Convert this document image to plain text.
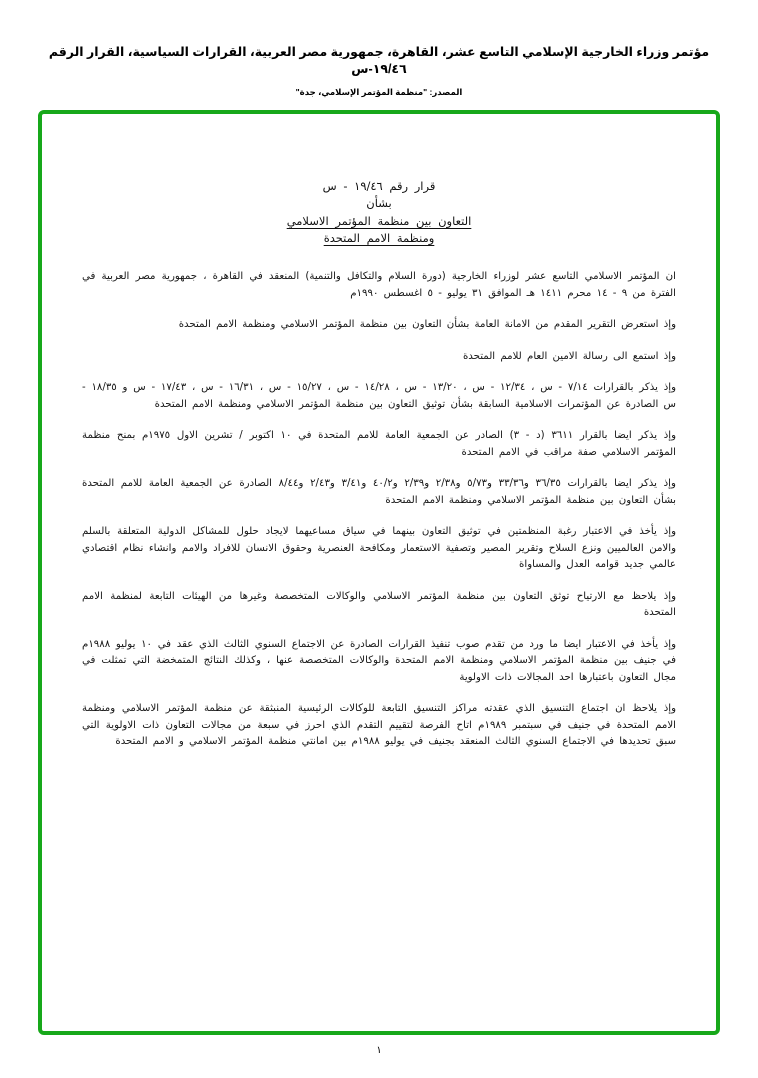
مؤتمر وزراء الخارجية الإسلامي التاسع عشر، القاهرة، جمهورية مصر العربية، القرارات السياسية، القرار الرقم ١٩/٤٦-س
المصدر: "منظمة المؤتمر الإسلامي، جدة"
قرار رقم ١٩/٤٦ - س
بشأن
التعاون بين منظمة المؤتمر الاسلامي
ومنظمة الامم المتحدة

ان المؤتمر الاسلامي التاسع عشر لوزراء الخارجية (دورة السلام والتكافل والتنمية) المنعقد في القاهرة ، جمهورية مصر العربية في الفترة من ٩ - ١٤ محرم ١٤١١ هـ الموافق ٣١ يوليو - ٥ اغسطس ١٩٩٠م

وإذ استعرض التقرير المقدم من الامانة العامة بشأن التعاون بين منظمة المؤتمر الاسلامي ومنظمة الامم المتحدة

وإذ استمع الى رسالة الامين العام للامم المتحدة

وإذ يذكر بالقرارات ٧/١٤ - س ، ١٢/٣٤ - س ، ١٣/٢٠ - س ، ١٤/٢٨ - س ، ١٥/٢٧ - س ، ١٦/٣١ - س ، ١٧/٤٣ - س و ١٨/٣٥ - س الصادرة عن المؤتمرات الاسلامية السابقة بشأن توثيق التعاون بين منظمة المؤتمر الاسلامي ومنظمة الامم المتحدة

وإذ يذكر ايضا بالقرار ٣٦١١ (د - ٣) الصادر عن الجمعية العامة للامم المتحدة في ١٠ اكتوبر / تشرين الاول ١٩٧٥م بمنح منظمة المؤتمر الاسلامي صفة مراقب في الامم المتحدة

وإذ يذكر ايضا بالقرارات ٣٦/٣٥ و٣٣/٣٦ و٥/٧٣ و٢/٣٨ و٢/٣٩ و٤٠/٢ و٣/٤١ و٢/٤٣ و٨/٤٤ الصادرة عن الجمعية العامة للامم المتحدة بشأن التعاون بين منظمة المؤتمر الاسلامي ومنظمة الامم المتحدة

وإذ يأخذ في الاعتبار رغبة المنظمتين في توثيق التعاون بينهما في سياق مساعيهما لايجاد حلول للمشاكل الدولية المتعلقة بالسلم والامن العالميين ونزع السلاح وتقرير المصير وتصفية الاستعمار ومكافحة العنصرية وحقوق الانسان للافراد والامم وانشاء نظام اقتصادي عالمي جديد قوامه العدل والمساواة

وإذ يلاحظ مع الارتياح توثق التعاون بين منظمة المؤتمر الاسلامي والوكالات المتخصصة وغيرها من الهيئات التابعة لمنظمة الامم المتحدة

وإذ يأخذ في الاعتبار ايضا ما ورد من تقدم صوب تنفيذ القرارات الصادرة عن الاجتماع السنوي الثالث الذي عقد في ١٠ يوليو ١٩٨٨م في جنيف بين منظمة المؤتمر الاسلامي ومنظمة الامم المتحدة والوكالات المتخصصة عنها ، وكذلك النتائج المتمخضة التي تمثلت في مجال التعاون باعتبارها احد المجالات ذات الاولوية

وإذ يلاحظ ان اجتماع التنسيق الذي عقدته مراكز التنسيق التابعة للوكالات الرئيسية المنبثقة عن منظمة المؤتمر الاسلامي ومنظمة الامم المتحدة في جنيف في سبتمبر ١٩٨٩م اتاح الفرصة لتقييم التقدم الذي احرز في سبعة من مجالات التعاون ذات الاولوية التي سبق تحديدها في الاجتماع السنوي الثالث المنعقد بجنيف في يوليو ١٩٨٨م بين امانتي منظمة المؤتمر الاسلامي و الامم المتحدة

١
